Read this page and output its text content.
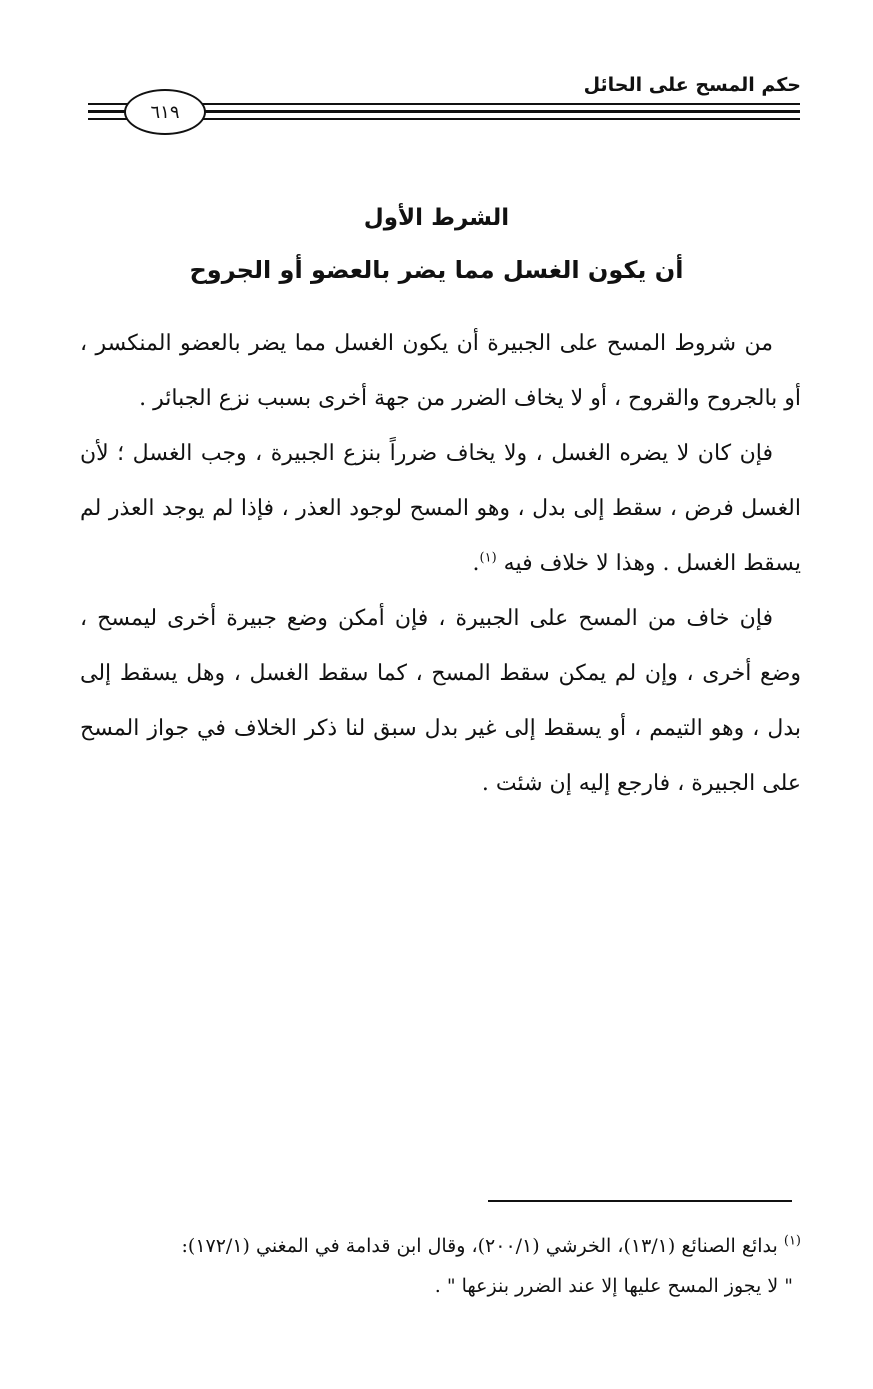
حكم المسح على الحائل
٦١٩
الشرط الأول
أن يكون الغسل مما يضر بالعضو أو الجروح

من شروط المسح على الجبيرة أن يكون الغسل مما يضر بالعضو المنكسر ، أو بالجروح والقروح ، أو لا يخاف الضرر من جهة أخرى بسبب نزع الجبائر .

فإن كان لا يضره الغسل ، ولا يخاف ضرراً بنزع الجبيرة ، وجب الغسل ؛ لأن الغسل فرض ، سقط إلى بدل ، وهو المسح لوجود العذر ، فإذا لم يوجد العذر لم يسقط الغسل . وهذا لا خلاف فيه $^{(١)}$.

فإن خاف من المسح على الجبيرة ، فإن أمكن وضع جبيرة أخرى ليمسح ، وضع أخرى ، وإن لم يمكن سقط المسح ، كما سقط الغسل ، وهل يسقط إلى بدل ، وهو التيمم ، أو يسقط إلى غير بدل سبق لنا ذكر الخلاف في جواز المسح على الجبيرة ، فارجع إليه إن شئت .

$^{(١)}$ بدائع الصنائع (١٣/١)، الخرشي (٢٠٠/١)، وقال ابن قدامة في المغني (١٧٢/١):
" لا يجوز المسح عليها إلا عند الضرر بنزعها " .
